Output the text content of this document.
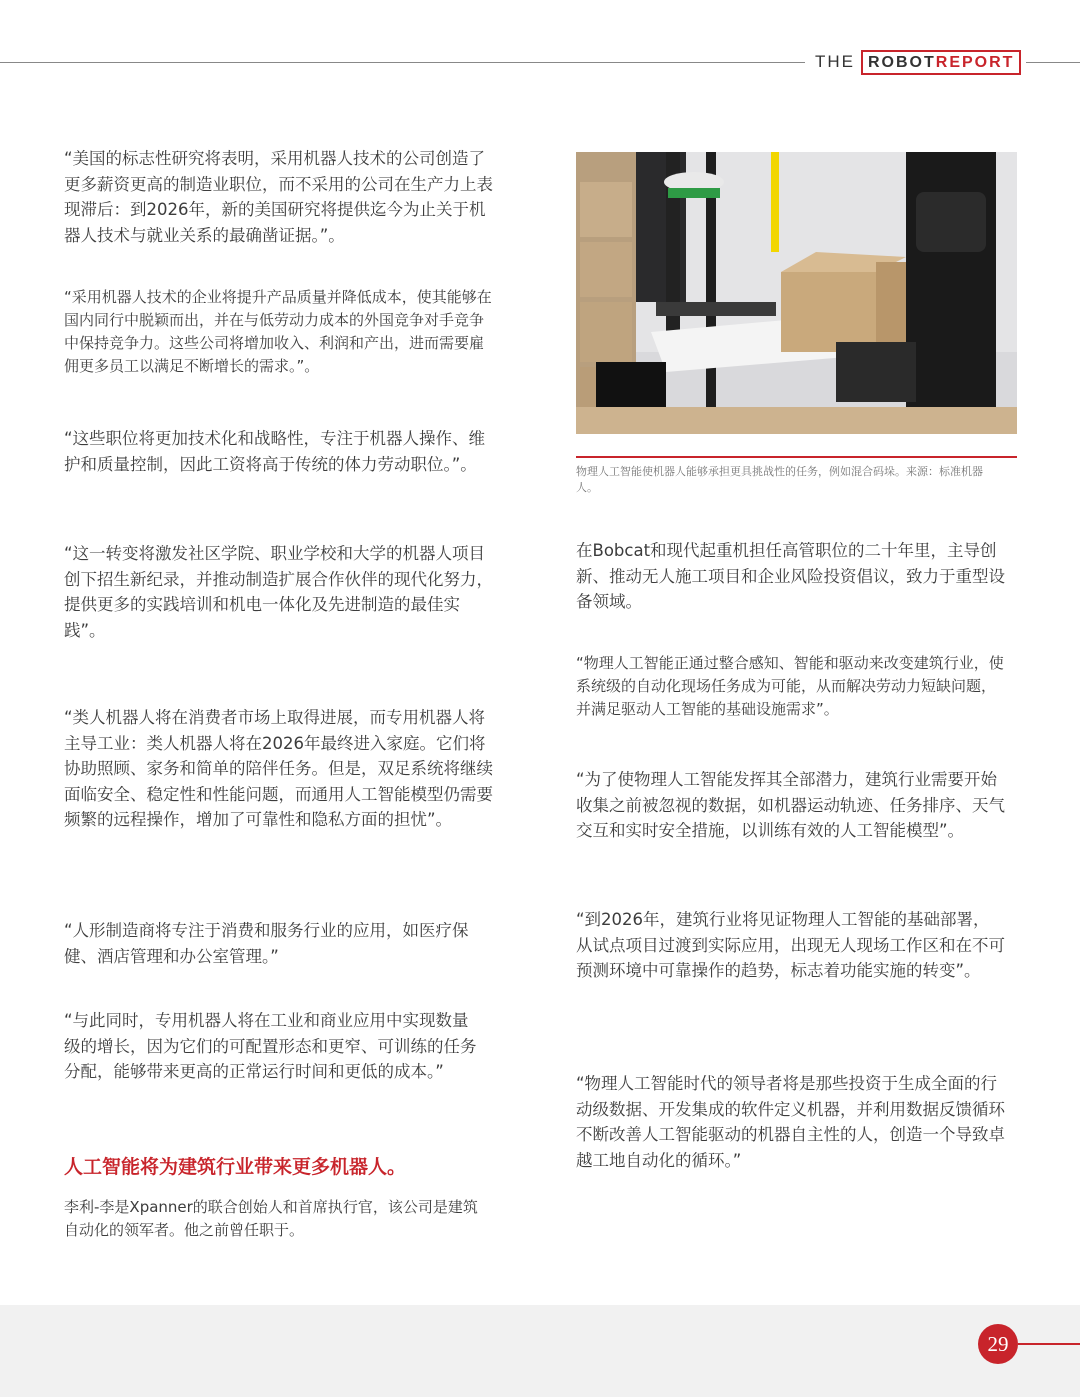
THE ROBOTREPORT

“美国的标志性研究将表明，采用机器人技术的公司创造了更多薪资更高的制造业职位，而不采用的公司在生产力上表现滞后：到2026年，新的美国研究将提供迄今为止关于机器人技术与就业关系的最确凿证据。”。

“采用机器人技术的企业将提升产品质量并降低成本，使其能够在国内同行中脱颖而出，并在与低劳动力成本的外国竞争对手竞争中保持竞争力。这些公司将增加收入、利润和产出，进而需要雇佣更多员工以满足不断增长的需求。”。

“这些职位将更加技术化和战略性，专注于机器人操作、维护和质量控制，因此工资将高于传统的体力劳动职位。”。

“这一转变将激发社区学院、职业学校和大学的机器人项目创下招生新纪录，并推动制造扩展合作伙伴的现代化努力，提供更多的实践培训和机电一体化及先进制造的最佳实践”。

“类人机器人将在消费者市场上取得进展，而专用机器人将主导工业：类人机器人将在2026年最终进入家庭。它们将协助照顾、家务和简单的陪伴任务。但是，双足系统将继续面临安全、稳定性和性能问题，而通用人工智能模型仍需要频繁的远程操作，增加了可靠性和隐私方面的担忧”。

“人形制造商将专注于消费和服务行业的应用，如医疗保健、酒店管理和办公室管理。”

“与此同时，专用机器人将在工业和商业应用中实现数量级的增长，因为它们的可配置形态和更窄、可训练的任务分配，能够带来更高的正常运行时间和更低的成本。”

人工智能将为建筑行业带来更多机器人。

李利-李是Xpanner的联合创始人和首席执行官，该公司是建筑自动化的领军者。他之前曾任职于。

物理人工智能使机器人能够承担更具挑战性的任务，例如混合码垛。来源：标准机器人。

在Bobcat和现代起重机担任高管职位的二十年里，主导创新、推动无人施工项目和企业风险投资倡议，致力于重型设备领域。

“物理人工智能正通过整合感知、智能和驱动来改变建筑行业，使系统级的自动化现场任务成为可能，从而解决劳动力短缺问题，并满足驱动人工智能的基础设施需求”。

“为了使物理人工智能发挥其全部潜力，建筑行业需要开始收集之前被忽视的数据，如机器运动轨迹、任务排序、天气交互和实时安全措施，以训练有效的人工智能模型”。

“到2026年，建筑行业将见证物理人工智能的基础部署，从试点项目过渡到实际应用，出现无人现场工作区和在不可预测环境中可靠操作的趋势，标志着功能实施的转变”。

“物理人工智能时代的领导者将是那些投资于生成全面的行动级数据、开发集成的软件定义机器，并利用数据反馈循环不断改善人工智能驱动的机器自主性的人，创造一个导致卓越工地自动化的循环。”

29
